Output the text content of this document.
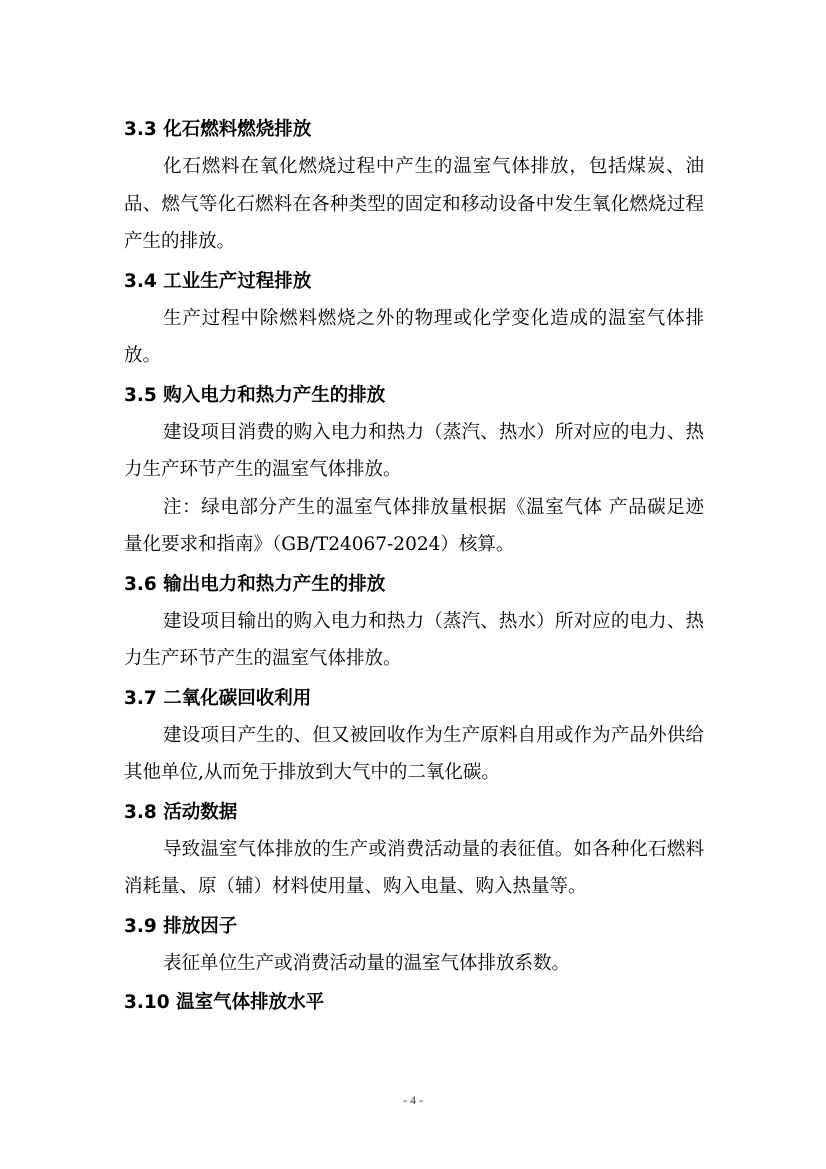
3.3 化石燃料燃烧排放

化石燃料在氧化燃烧过程中产生的温室气体排放，包括煤炭、油品、燃气等化石燃料在各种类型的固定和移动设备中发生氧化燃烧过程产生的排放。

3.4 工业生产过程排放

生产过程中除燃料燃烧之外的物理或化学变化造成的温室气体排放。

3.5 购入电力和热力产生的排放

建设项目消费的购入电力和热力（蒸汽、热水）所对应的电力、热力生产环节产生的温室气体排放。

注：绿电部分产生的温室气体排放量根据《温室气体 产品碳足迹量化要求和指南》（GB/T24067-2024）核算。

3.6 输出电力和热力产生的排放

建设项目输出的购入电力和热力（蒸汽、热水）所对应的电力、热力生产环节产生的温室气体排放。

3.7 二氧化碳回收利用

建设项目产生的、但又被回收作为生产原料自用或作为产品外供给其他单位,从而免于排放到大气中的二氧化碳。

3.8 活动数据

导致温室气体排放的生产或消费活动量的表征值。如各种化石燃料消耗量、原（辅）材料使用量、购入电量、购入热量等。

3.9 排放因子

表征单位生产或消费活动量的温室气体排放系数。

3.10 温室气体排放水平
- 4 -
